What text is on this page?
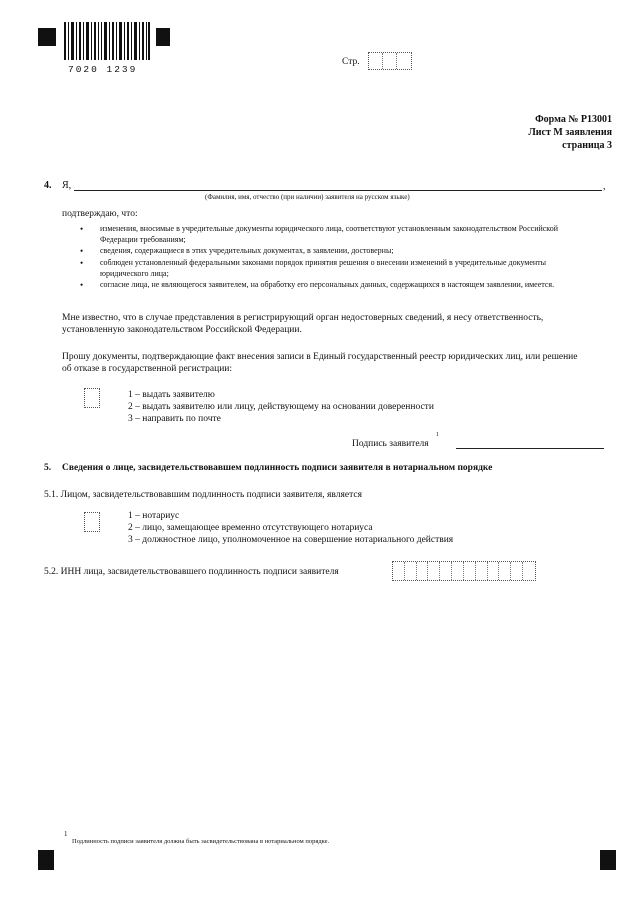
7020 1239
Стр.
Форма № Р13001
Лист М заявления
страница 3
4. Я,	,
(Фамилия, имя, отчество (при наличии) заявителя на русском языке)
подтверждаю, что:
• изменения, вносимые в учредительные документы юридического лица, соответствуют установленным законодательством Российской Федерации требованиям;
• сведения, содержащиеся в этих учредительных документах, в заявлении, достоверны;
• соблюден установленный федеральными законами порядок принятия решения о внесении изменений в учредительные документы юридического лица;
• согласие лица, не являющегося заявителем, на обработку его персональных данных, содержащихся в настоящем заявлении, имеется.
Мне известно, что в случае представления в регистрирующий орган недостоверных сведений, я несу ответственность, установленную законодательством Российской Федерации.
Прошу документы, подтверждающие факт внесения записи в Единый государственный реестр юридических лиц, или решение об отказе в государственной регистрации:
1 – выдать заявителю
2 – выдать заявителю или лицу, действующему на основании доверенности
3 – направить по почте
Подпись заявителя
1
5. Сведения о лице, засвидетельствовавшем подлинность подписи заявителя в нотариальном порядке
5.1. Лицом, засвидетельствовавшим подлинность подписи заявителя, является
1 – нотариус
2 – лицо, замещающее временно отсутствующего нотариуса
3 – должностное лицо, уполномоченное на совершение нотариального действия
5.2. ИНН лица, засвидетельствовавшего подлинность подписи заявителя
1
Подлинность подписи заявителя должна быть засвидетельствована в нотариальном порядке.
